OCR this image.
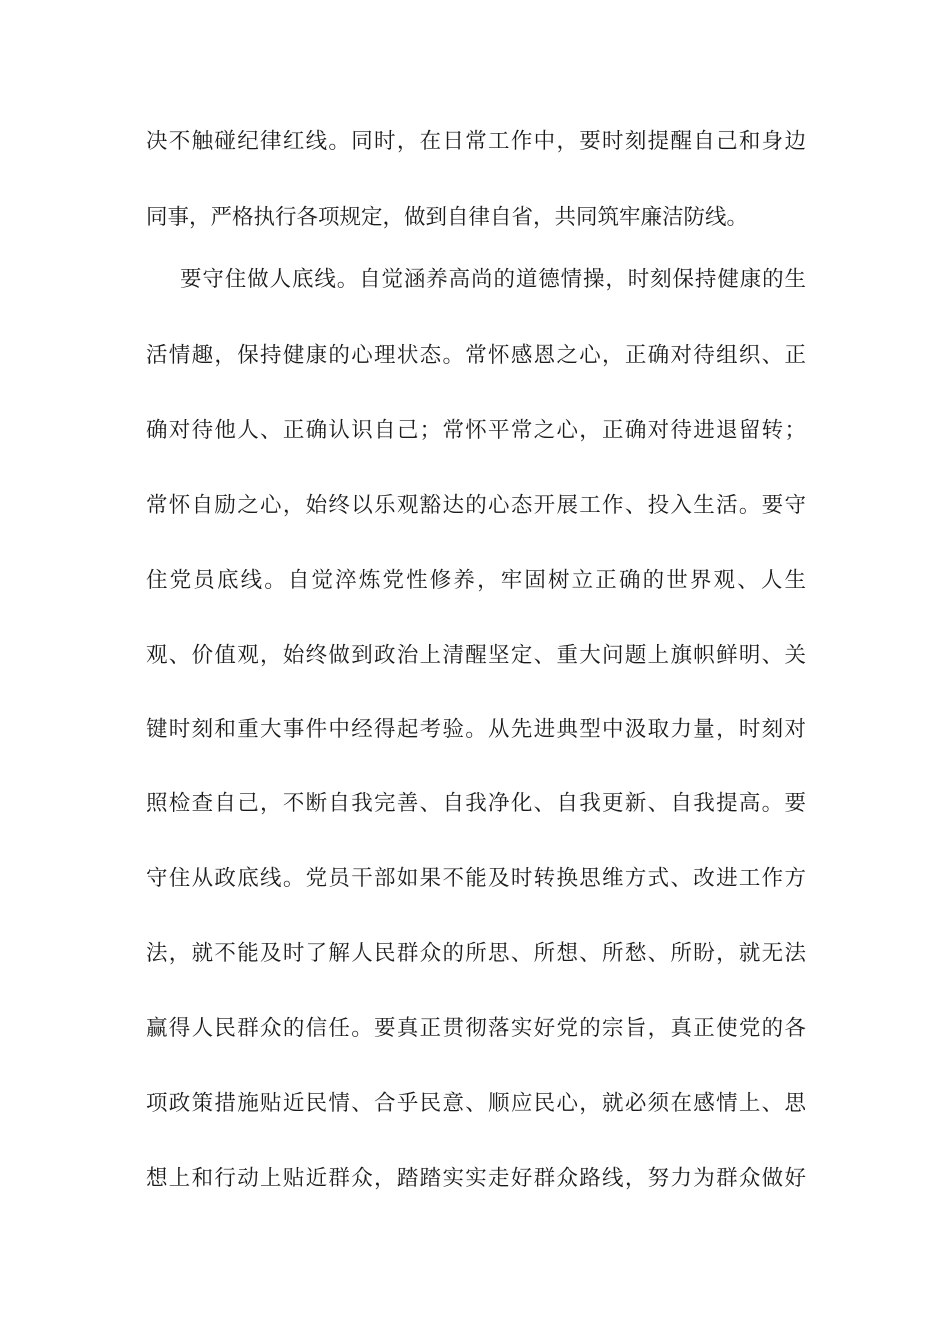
决不触碰纪律红线。同时，在日常工作中，要时刻提醒自己和身边
同事，严格执行各项规定，做到自律自省，共同筑牢廉洁防线。
要守住做人底线。自觉涵养高尚的道德情操，时刻保持健康的生
活情趣，保持健康的心理状态。常怀感恩之心，正确对待组织、正
确对待他人、正确认识自己；常怀平常之心，正确对待进退留转；
常怀自励之心，始终以乐观豁达的心态开展工作、投入生活。要守
住党员底线。自觉淬炼党性修养，牢固树立正确的世界观、人生
观、价值观，始终做到政治上清醒坚定、重大问题上旗帜鲜明、关
键时刻和重大事件中经得起考验。从先进典型中汲取力量，时刻对
照检查自己，不断自我完善、自我净化、自我更新、自我提高。要
守住从政底线。党员干部如果不能及时转换思维方式、改进工作方
法，就不能及时了解人民群众的所思、所想、所愁、所盼，就无法
赢得人民群众的信任。要真正贯彻落实好党的宗旨，真正使党的各
项政策措施贴近民情、合乎民意、顺应民心，就必须在感情上、思
想上和行动上贴近群众，踏踏实实走好群众路线，努力为群众做好
